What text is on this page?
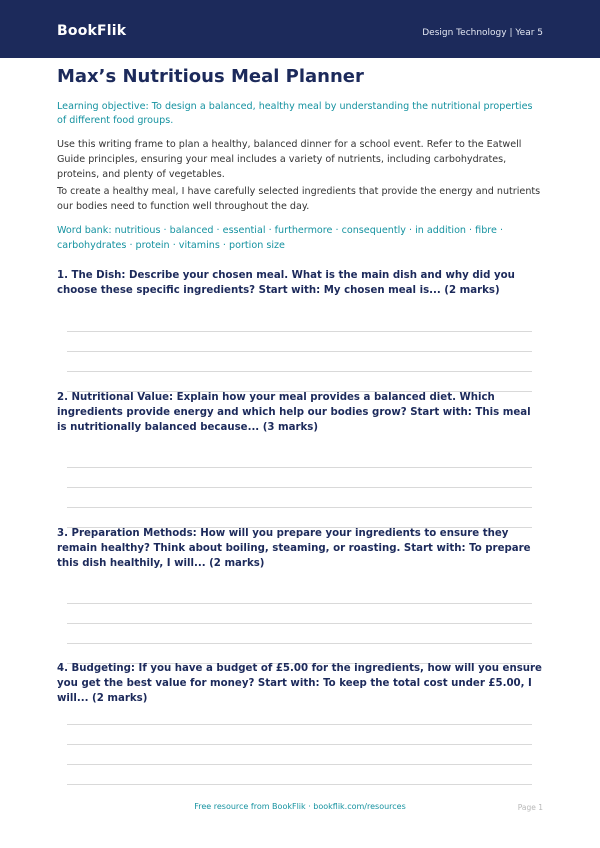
BookFlik	Design Technology | Year 5
Max’s Nutritious Meal Planner
Learning objective: To design a balanced, healthy meal by understanding the nutritional properties of different food groups.
Use this writing frame to plan a healthy, balanced dinner for a school event. Refer to the Eatwell Guide principles, ensuring your meal includes a variety of nutrients, including carbohydrates, proteins, and plenty of vegetables.
To create a healthy meal, I have carefully selected ingredients that provide the energy and nutrients our bodies need to function well throughout the day.
Word bank: nutritious · balanced · essential · furthermore · consequently · in addition · fibre · carbohydrates · protein · vitamins · portion size
1. The Dish: Describe your chosen meal. What is the main dish and why did you choose these specific ingredients? Start with: My chosen meal is... (2 marks)
2. Nutritional Value: Explain how your meal provides a balanced diet. Which ingredients provide energy and which help our bodies grow? Start with: This meal is nutritionally balanced because... (3 marks)
3. Preparation Methods: How will you prepare your ingredients to ensure they remain healthy? Think about boiling, steaming, or roasting. Start with: To prepare this dish healthily, I will... (2 marks)
4. Budgeting: If you have a budget of £5.00 for the ingredients, how will you ensure you get the best value for money? Start with: To keep the total cost under £5.00, I will... (2 marks)
Free resource from BookFlik · bookflik.com/resources	Page 1
